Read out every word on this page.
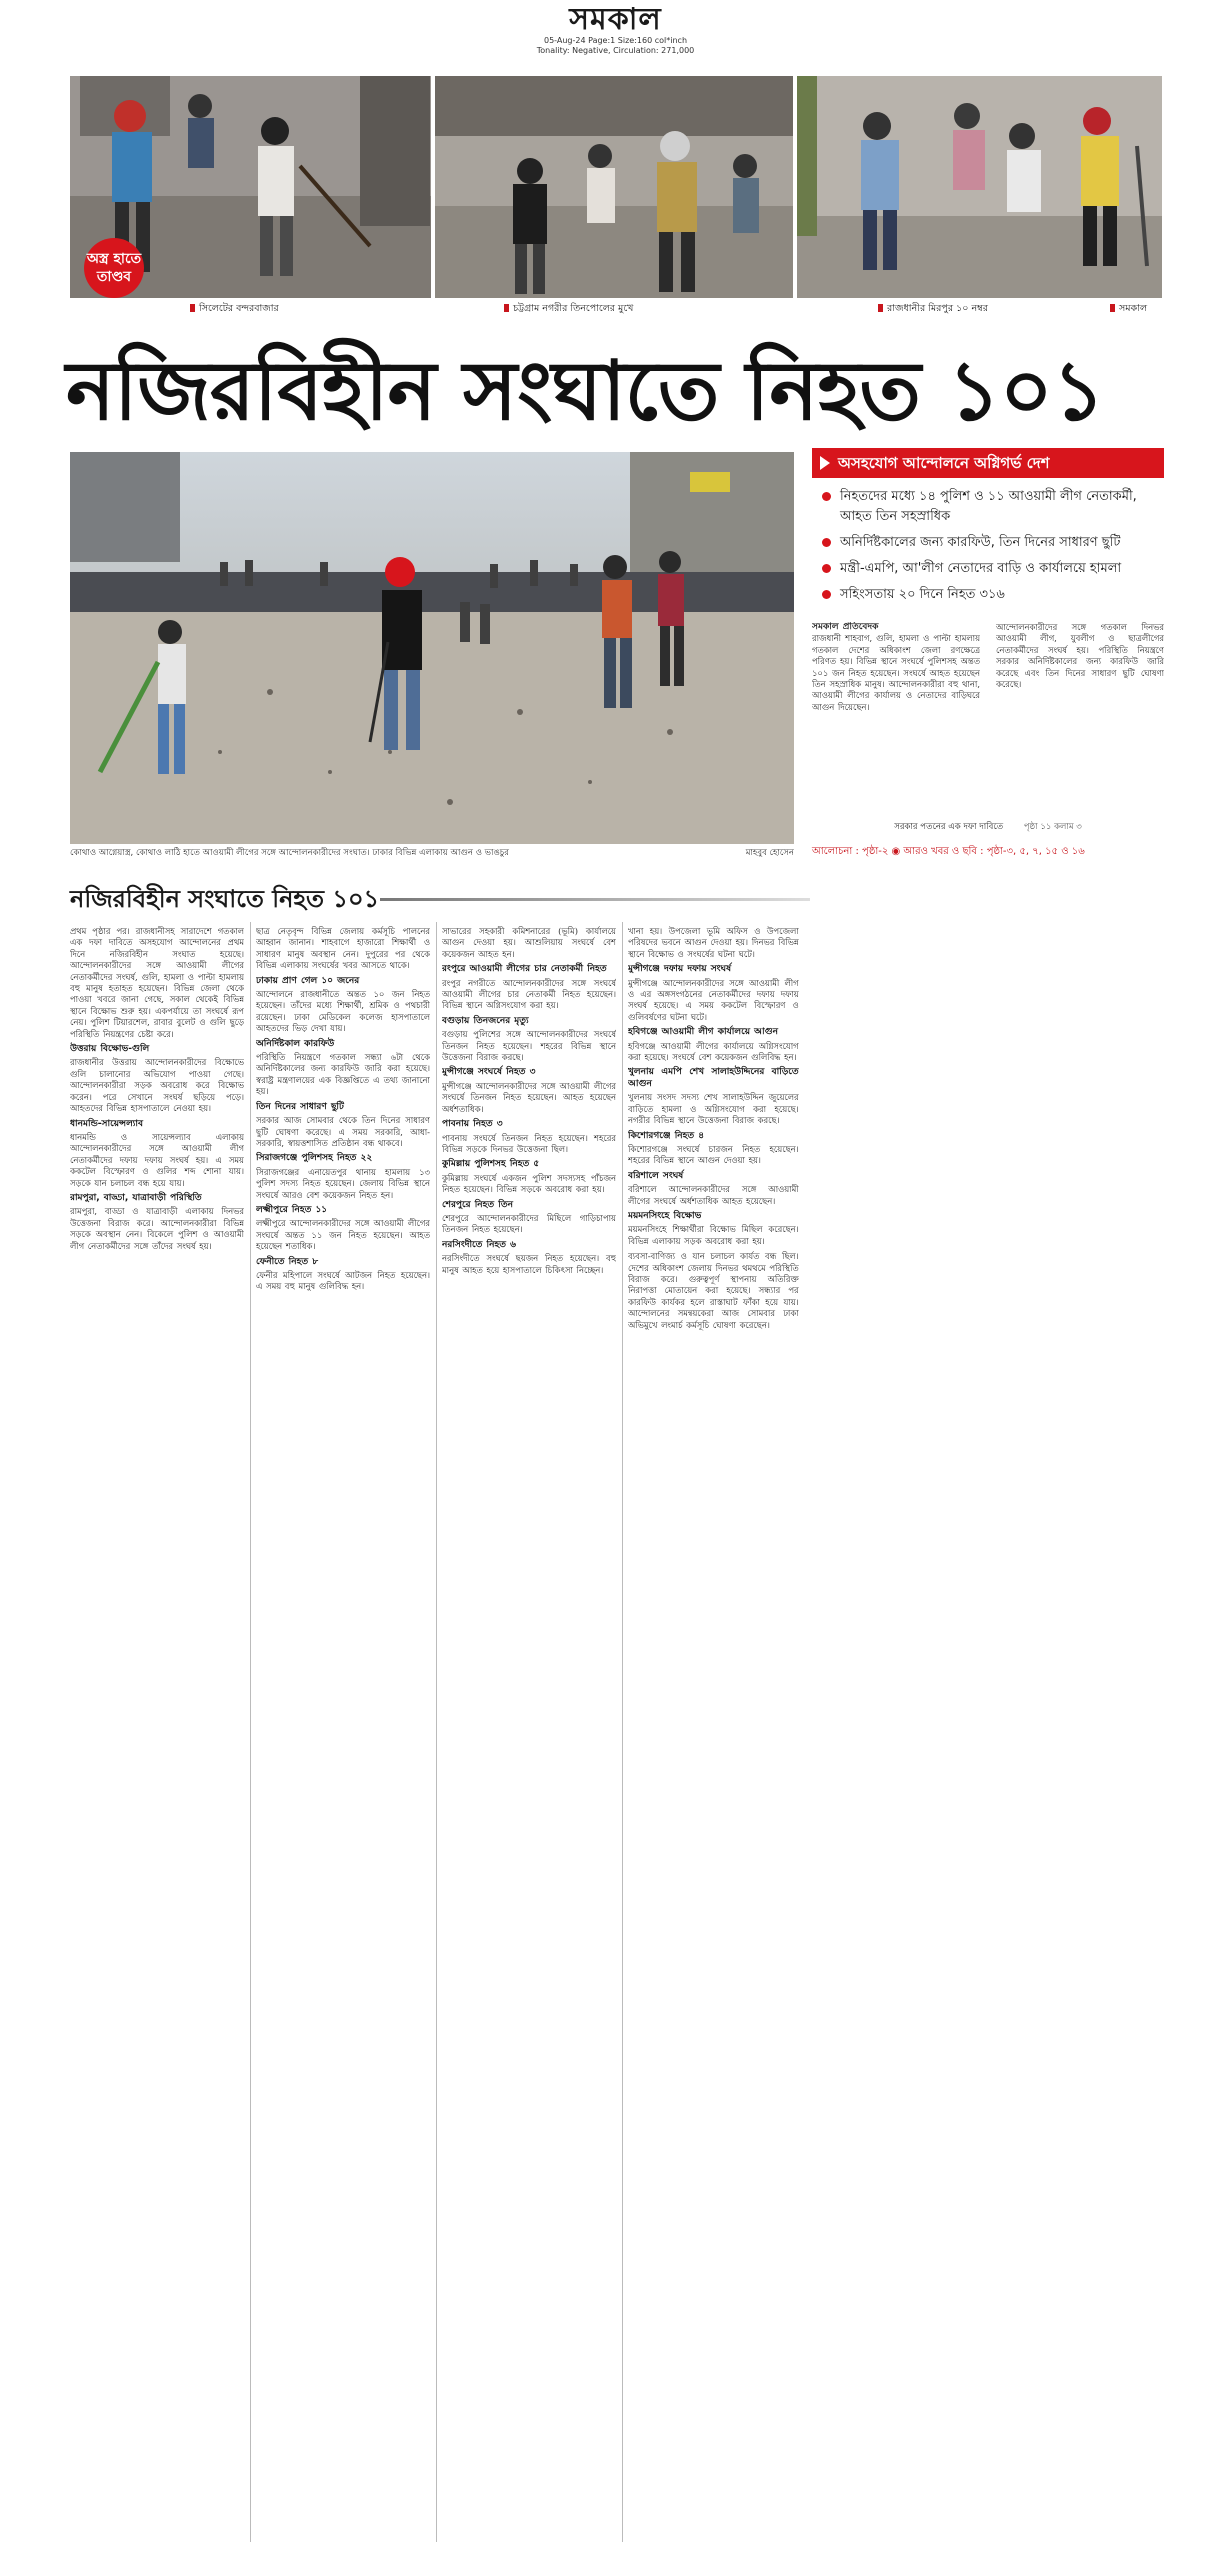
সমকাল
05-Aug-24 Page:1 Size:160 col*inch
Tonality: Negative, Circulation: 271,000
অস্ত্র হাতে
তাণ্ডব
সিলেটের বন্দরবাজার	চট্টগ্রাম নগরীর তিনপোলের মুখে	রাজধানীর মিরপুর ১০ নম্বর	সমকাল
নজিরবিহীন সংঘাতে নিহত ১০১
কোথাও আগ্নেয়াস্ত্র, কোথাও লাঠি হাতে আওয়ামী লীগের সঙ্গে আন্দোলনকারীদের সংঘাত। ঢাকার বিভিন্ন এলাকায় আগুন ও ভাঙচুর	মাহবুব হোসেন
অসহযোগ আন্দোলনে অগ্নিগর্ভ দেশ
নিহতদের মধ্যে ১৪ পুলিশ ও ১১ আওয়ামী লীগ নেতাকর্মী, আহত তিন সহস্রাধিক
অনির্দিষ্টকালের জন্য কারফিউ, তিন দিনের সাধারণ ছুটি
মন্ত্রী-এমপি, আ'লীগ নেতাদের বাড়ি ও কার্যালয়ে হামলা
সহিংসতায় ২০ দিনে নিহত ৩১৬
সমকাল প্রতিবেদক
রাজধানী শাহবাগ, গুলি, হামলা ও পাল্টা হামলায় গতকাল দেশের অধিকাংশ জেলা রণক্ষেত্রে পরিণত হয়। বিভিন্ন স্থানে সংঘর্ষে পুলিশসহ অন্তত ১০১ জন নিহত হয়েছেন। সংঘর্ষে আহত হয়েছেন তিন সহস্রাধিক মানুষ। আন্দোলনকারীরা বহু থানা, আওয়ামী লীগের কার্যালয় ও নেতাদের বাড়িঘরে আগুন দিয়েছেন।
আন্দোলনকারীদের সঙ্গে গতকাল দিনভর আওয়ামী লীগ, যুবলীগ ও ছাত্রলীগের নেতাকর্মীদের সংঘর্ষ হয়। পরিস্থিতি নিয়ন্ত্রণে সরকার অনির্দিষ্টকালের জন্য কারফিউ জারি করেছে এবং তিন দিনের সাধারণ ছুটি ঘোষণা করেছে।
সরকার পতনের এক দফা দাবিতে পৃষ্ঠা ১১ কলাম ৩
আলোচনা : পৃষ্ঠা-২ ◉ আরও খবর ও ছবি : পৃষ্ঠা-৩, ৫, ৭, ১৫ ও ১৬
নজিরবিহীন সংঘাতে নিহত ১০১
প্রথম পৃষ্ঠার পর। রাজধানীসহ সারাদেশে গতকাল এক দফা দাবিতে অসহযোগ আন্দোলনের প্রথম দিনে নজিরবিহীন সংঘাত হয়েছে। আন্দোলনকারীদের সঙ্গে আওয়ামী লীগের নেতাকর্মীদের সংঘর্ষ, গুলি, হামলা ও পাল্টা হামলায় বহু মানুষ হতাহত হয়েছেন। বিভিন্ন জেলা থেকে পাওয়া খবরে জানা গেছে, সকাল থেকেই বিভিন্ন স্থানে বিক্ষোভ শুরু হয়। একপর্যায়ে তা সংঘর্ষে রূপ নেয়। পুলিশ টিয়ারশেল, রাবার বুলেট ও গুলি ছুড়ে পরিস্থিতি নিয়ন্ত্রণের চেষ্টা করে।
উত্তরায় বিক্ষোভ-গুলি
রাজধানীর উত্তরায় আন্দোলনকারীদের বিক্ষোভে গুলি চালানোর অভিযোগ পাওয়া গেছে। আন্দোলনকারীরা সড়ক অবরোধ করে বিক্ষোভ করেন। পরে সেখানে সংঘর্ষ ছড়িয়ে পড়ে। আহতদের বিভিন্ন হাসপাতালে নেওয়া হয়।
ধানমন্ডি-সায়েন্সল্যাব
ধানমন্ডি ও সায়েন্সল্যাব এলাকায় আন্দোলনকারীদের সঙ্গে আওয়ামী লীগ নেতাকর্মীদের দফায় দফায় সংঘর্ষ হয়। এ সময় ককটেল বিস্ফোরণ ও গুলির শব্দ শোনা যায়। সড়কে যান চলাচল বন্ধ হয়ে যায়।
রামপুরা, বাড্ডা, যাত্রাবাড়ী পরিস্থিতি
রামপুরা, বাড্ডা ও যাত্রাবাড়ী এলাকায় দিনভর উত্তেজনা বিরাজ করে। আন্দোলনকারীরা বিভিন্ন সড়কে অবস্থান নেন। বিকেলে পুলিশ ও আওয়ামী লীগ নেতাকর্মীদের সঙ্গে তাঁদের সংঘর্ষ হয়।
ছাত্র নেতৃবৃন্দ বিভিন্ন জেলায় কর্মসূচি পালনের আহ্বান জানান। শাহবাগে হাজারো শিক্ষার্থী ও সাধারণ মানুষ অবস্থান নেন। দুপুরের পর থেকে বিভিন্ন এলাকায় সংঘর্ষের খবর আসতে থাকে।
ঢাকায় প্রাণ গেল ১০ জনের
আন্দোলনে রাজধানীতে অন্তত ১০ জন নিহত হয়েছেন। তাঁদের মধ্যে শিক্ষার্থী, শ্রমিক ও পথচারী রয়েছেন। ঢাকা মেডিকেল কলেজ হাসপাতালে আহতদের ভিড় দেখা যায়।
অনির্দিষ্টকাল কারফিউ
পরিস্থিতি নিয়ন্ত্রণে গতকাল সন্ধ্যা ৬টা থেকে অনির্দিষ্টকালের জন্য কারফিউ জারি করা হয়েছে। স্বরাষ্ট্র মন্ত্রণালয়ের এক বিজ্ঞপ্তিতে এ তথ্য জানানো হয়।
তিন দিনের সাধারণ ছুটি
সরকার আজ সোমবার থেকে তিন দিনের সাধারণ ছুটি ঘোষণা করেছে। এ সময় সরকারি, আধা-সরকারি, স্বায়ত্তশাসিত প্রতিষ্ঠান বন্ধ থাকবে।
সিরাজগঞ্জে পুলিশসহ নিহত ২২
সিরাজগঞ্জের এনায়েতপুর থানায় হামলায় ১৩ পুলিশ সদস্য নিহত হয়েছেন। জেলায় বিভিন্ন স্থানে সংঘর্ষে আরও বেশ কয়েকজন নিহত হন।
লক্ষ্মীপুরে নিহত ১১
লক্ষ্মীপুরে আন্দোলনকারীদের সঙ্গে আওয়ামী লীগের সংঘর্ষে অন্তত ১১ জন নিহত হয়েছেন। আহত হয়েছেন শতাধিক।
ফেনীতে নিহত ৮
ফেনীর মহিপালে সংঘর্ষে আটজন নিহত হয়েছেন। এ সময় বহু মানুষ গুলিবিদ্ধ হন।
সাভারের সহকারী কমিশনারের (ভূমি) কার্যালয়ে আগুন দেওয়া হয়। আশুলিয়ায় সংঘর্ষে বেশ কয়েকজন আহত হন।
রংপুরে আওয়ামী লীগের চার নেতাকর্মী নিহত
রংপুর নগরীতে আন্দোলনকারীদের সঙ্গে সংঘর্ষে আওয়ামী লীগের চার নেতাকর্মী নিহত হয়েছেন। বিভিন্ন স্থানে অগ্নিসংযোগ করা হয়।
বগুড়ায় তিনজনের মৃত্যু
বগুড়ায় পুলিশের সঙ্গে আন্দোলনকারীদের সংঘর্ষে তিনজন নিহত হয়েছেন। শহরের বিভিন্ন স্থানে উত্তেজনা বিরাজ করছে।
মুন্সীগঞ্জে সংঘর্ষে নিহত ৩
মুন্সীগঞ্জে আন্দোলনকারীদের সঙ্গে আওয়ামী লীগের সংঘর্ষে তিনজন নিহত হয়েছেন। আহত হয়েছেন অর্ধশতাধিক।
পাবনায় নিহত ৩
পাবনায় সংঘর্ষে তিনজন নিহত হয়েছেন। শহরের বিভিন্ন সড়কে দিনভর উত্তেজনা ছিল।
কুমিল্লায় পুলিশসহ নিহত ৫
কুমিল্লায় সংঘর্ষে একজন পুলিশ সদস্যসহ পাঁচজন নিহত হয়েছেন। বিভিন্ন সড়কে অবরোধ করা হয়।
শেরপুরে নিহত তিন
শেরপুরে আন্দোলনকারীদের মিছিলে গাড়িচাপায় তিনজন নিহত হয়েছেন।
নরসিংদীতে নিহত ৬
নরসিংদীতে সংঘর্ষে ছয়জন নিহত হয়েছেন। বহু মানুষ আহত হয়ে হাসপাতালে চিকিৎসা নিচ্ছেন।
খানা হয়। উপজেলা ভূমি অফিস ও উপজেলা পরিষদের ভবনে আগুন দেওয়া হয়। দিনভর বিভিন্ন স্থানে বিক্ষোভ ও সংঘর্ষের ঘটনা ঘটে।
মুন্সীগঞ্জে দফায় দফায় সংঘর্ষ
মুন্সীগঞ্জে আন্দোলনকারীদের সঙ্গে আওয়ামী লীগ ও এর অঙ্গসংগঠনের নেতাকর্মীদের দফায় দফায় সংঘর্ষ হয়েছে। এ সময় ককটেল বিস্ফোরণ ও গুলিবর্ষণের ঘটনা ঘটে।
হবিগঞ্জে আওয়ামী লীগ কার্যালয়ে আগুন
হবিগঞ্জে আওয়ামী লীগের কার্যালয়ে অগ্নিসংযোগ করা হয়েছে। সংঘর্ষে বেশ কয়েকজন গুলিবিদ্ধ হন।
খুলনায় এমপি শেখ সালাহউদ্দিনের বাড়িতে আগুন
খুলনায় সংসদ সদস্য শেখ সালাহউদ্দিন জুয়েলের বাড়িতে হামলা ও অগ্নিসংযোগ করা হয়েছে। নগরীর বিভিন্ন স্থানে উত্তেজনা বিরাজ করছে।
কিশোরগঞ্জে নিহত ৪
কিশোরগঞ্জে সংঘর্ষে চারজন নিহত হয়েছেন। শহরের বিভিন্ন স্থানে আগুন দেওয়া হয়।
বরিশালে সংঘর্ষ
বরিশালে আন্দোলনকারীদের সঙ্গে আওয়ামী লীগের সংঘর্ষে অর্ধশতাধিক আহত হয়েছেন।
ময়মনসিংহে বিক্ষোভ
ময়মনসিংহে শিক্ষার্থীরা বিক্ষোভ মিছিল করেছেন। বিভিন্ন এলাকায় সড়ক অবরোধ করা হয়।
ব্যবসা-বাণিজ্য ও যান চলাচল কার্যত বন্ধ ছিল। দেশের অধিকাংশ জেলায় দিনভর থমথমে পরিস্থিতি বিরাজ করে। গুরুত্বপূর্ণ স্থাপনায় অতিরিক্ত নিরাপত্তা মোতায়েন করা হয়েছে। সন্ধ্যার পর কারফিউ কার্যকর হলে রাস্তাঘাট ফাঁকা হয়ে যায়। আন্দোলনের সমন্বয়কেরা আজ সোমবার ঢাকা অভিমুখে লংমার্চ কর্মসূচি ঘোষণা করেছেন।
